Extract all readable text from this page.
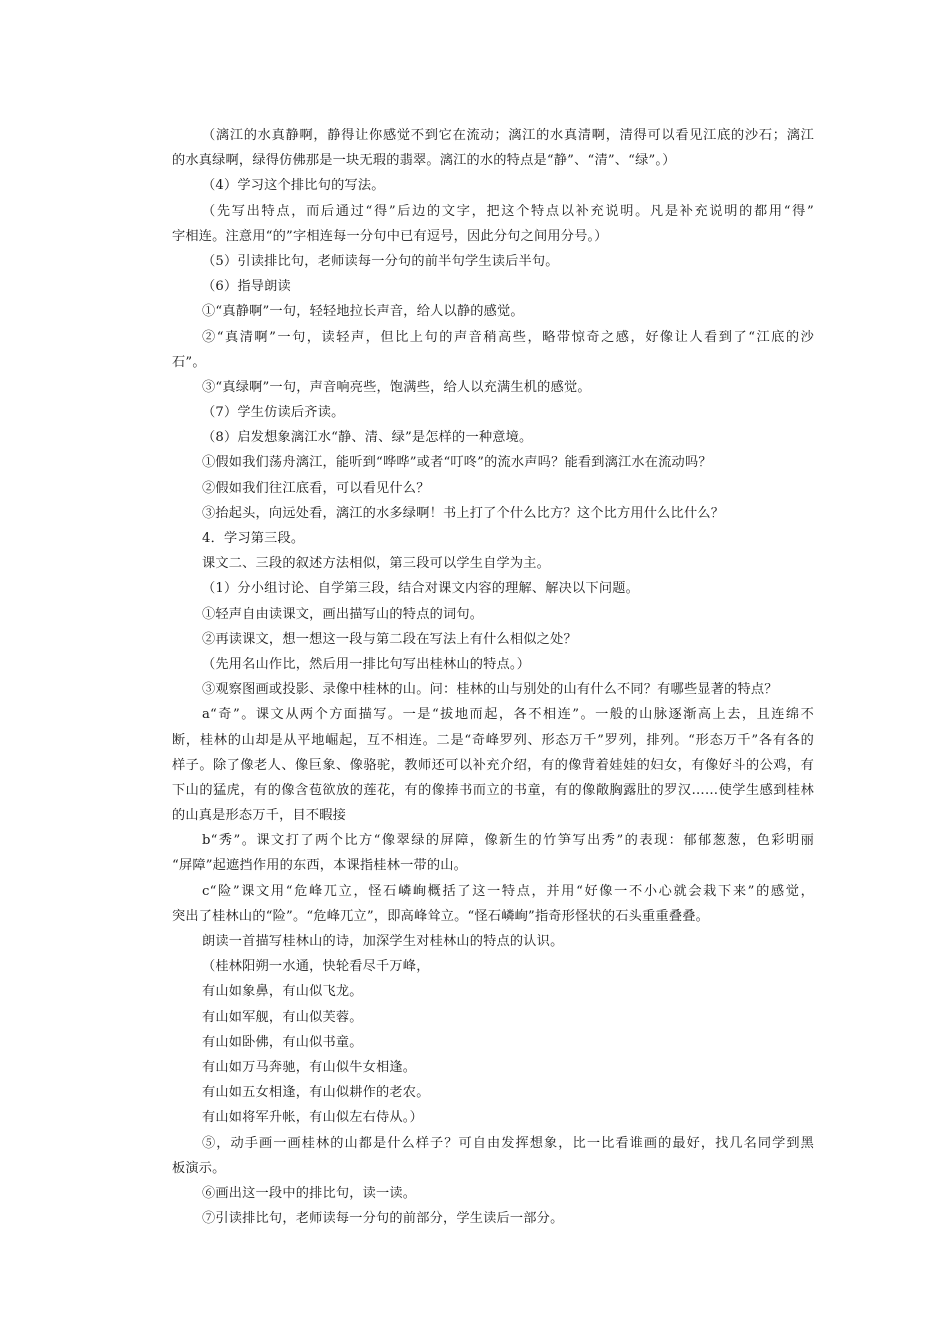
（漓江的水真静啊，静得让你感觉不到它在流动；漓江的水真清啊，清得可以看见江底的沙石；漓江
的水真绿啊，绿得仿佛那是一块无瑕的翡翠。漓江的水的特点是“静”、“清”、“绿”。）
（4）学习这个排比句的写法。
（先写出特点，而后通过“得”后边的文字，把这个特点以补充说明。凡是补充说明的都用“得”
字相连。注意用“的”字相连每一分句中已有逗号，因此分句之间用分号。）
（5）引读排比句，老师读每一分句的前半句学生读后半句。
（6）指导朗读
①“真静啊”一句，轻轻地拉长声音，给人以静的感觉。
②“真清啊”一句，读轻声，但比上句的声音稍高些，略带惊奇之感，好像让人看到了“江底的沙
石”。
③“真绿啊”一句，声音响亮些，饱满些，给人以充满生机的感觉。
（7）学生仿读后齐读。
（8）启发想象漓江水“静、清、绿”是怎样的一种意境。
①假如我们荡舟漓江，能听到“哗哗”或者“叮咚”的流水声吗？能看到漓江水在流动吗？
②假如我们往江底看，可以看见什么？
③抬起头，向远处看，漓江的水多绿啊！书上打了个什么比方？这个比方用什么比什么？
4．学习第三段。
课文二、三段的叙述方法相似，第三段可以学生自学为主。
（1）分小组讨论、自学第三段，结合对课文内容的理解、解决以下问题。
①轻声自由读课文，画出描写山的特点的词句。
②再读课文，想一想这一段与第二段在写法上有什么相似之处？
（先用名山作比，然后用一排比句写出桂林山的特点。）
③观察图画或投影、录像中桂林的山。问：桂林的山与别处的山有什么不同？有哪些显著的特点？
a“奇”。课文从两个方面描写。一是“拔地而起，各不相连”。一般的山脉逐渐高上去，且连绵不
断，桂林的山却是从平地崛起，互不相连。二是“奇峰罗列、形态万千”罗列，排列。“形态万千”各有各的
样子。除了像老人、像巨象、像骆驼，教师还可以补充介绍，有的像背着娃娃的妇女，有像好斗的公鸡，有
下山的猛虎，有的像含苞欲放的莲花，有的像捧书而立的书童，有的像敞胸露肚的罗汉……使学生感到桂林
的山真是形态万千，目不暇接
b“秀”。课文打了两个比方“像翠绿的屏障，像新生的竹笋写出秀”的表现：郁郁葱葱，色彩明丽
“屏障”起遮挡作用的东西，本课指桂林一带的山。
c“险”课文用“危峰兀立，怪石嶙峋概括了这一特点，并用“好像一不小心就会栽下来”的感觉，
突出了桂林山的“险”。“危峰兀立”，即高峰耸立。“怪石嶙峋”指奇形怪状的石头重重叠叠。
朗读一首描写桂林山的诗，加深学生对桂林山的特点的认识。
（桂林阳朔一水通，快轮看尽千万峰，
有山如象鼻，有山似飞龙。
有山如军舰，有山似芙蓉。
有山如卧佛，有山似书童。
有山如万马奔驰，有山似牛女相逢。
有山如五女相逢，有山似耕作的老农。
有山如将军升帐，有山似左右侍从。）
⑤，动手画一画桂林的山都是什么样子？可自由发挥想象，比一比看谁画的最好，找几名同学到黑
板演示。
⑥画出这一段中的排比句，读一读。
⑦引读排比句，老师读每一分句的前部分，学生读后一部分。
